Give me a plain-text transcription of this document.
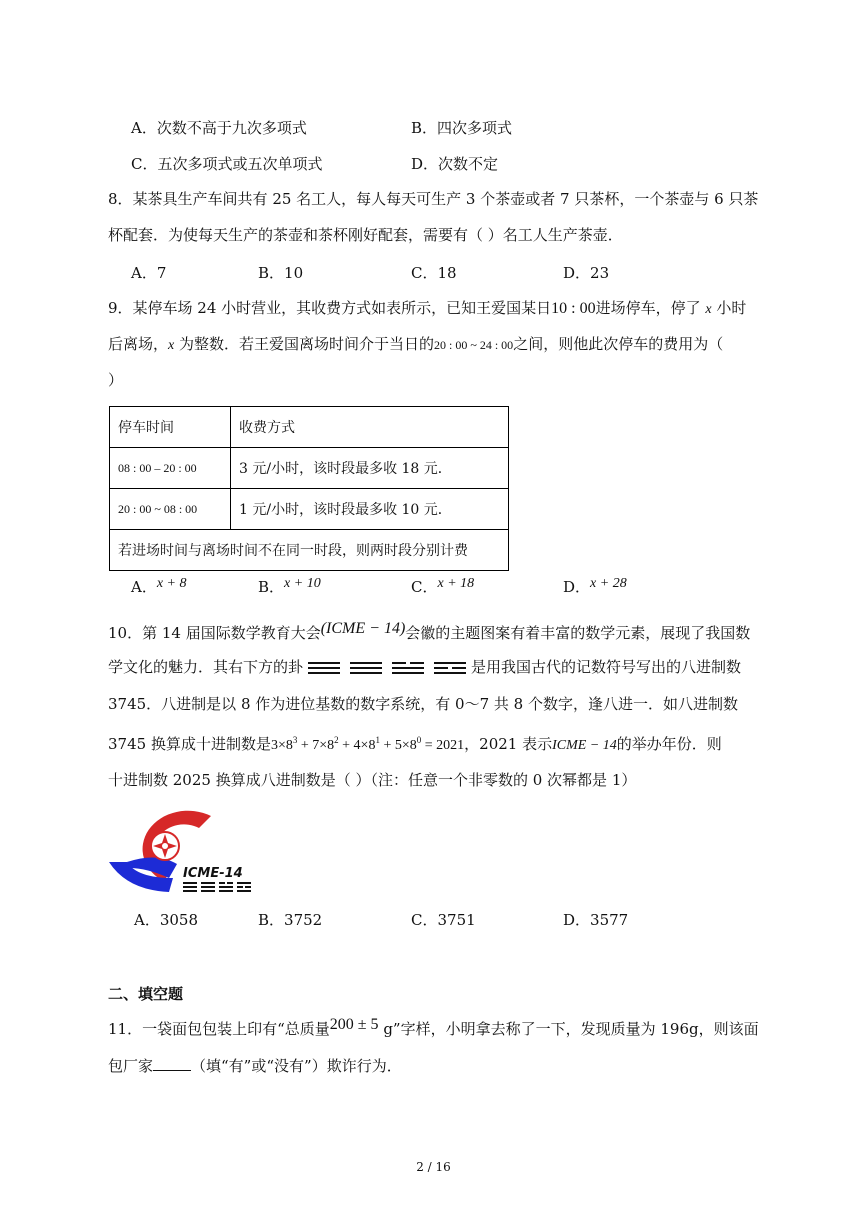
A．次数不高于九次多项式	B．四次多项式
C．五次多项式或五次单项式	D．次数不定
8．某茶具生产车间共有 25 名工人，每人每天可生产 3 个茶壶或者 7 只茶杯，一个茶壶与 6 只茶
杯配套．为使每天生产的茶壶和茶杯刚好配套，需要有（ ）名工人生产茶壶．
A．7	B．10	C．18	D．23
9．某停车场 24 小时营业，其收费方式如表所示，已知王爱国某日10 : 00进场停车，停了 x 小时
后离场，x 为整数．若王爱国离场时间介于当日的20 : 00 ~ 24 : 00之间，则他此次停车的费用为（
）
停车时间	收费方式
08 : 00 – 20 : 00	3 元/小时，该时段最多收 18 元．
20 : 00 ~ 08 : 00	1 元/小时，该时段最多收 10 元．
若进场时间与离场时间不在同一时段，则两时段分别计费	
A．x + 8	B．x + 10	C．x + 18	D．x + 28
10．第 14 届国际数学教育大会(ICME − 14)会徽的主题图案有着丰富的数学元素，展现了我国数
学文化的魅力．其右下方的卦	是用我国古代的记数符号写出的八进制数
3745．八进制是以 8 作为进位基数的数字系统，有 0～7 共 8 个数字，逢八进一．如八进制数
3745 换算成十进制数是$3\times 8^3 + 7\times 8^2 + 4\times 8^1 + 5\times 8^0 = 2021$，2021 表示ICME − 14的举办年份．则
十进制数 2025 换算成八进制数是（ ）（注：任意一个非零数的 0 次幂都是 1）
ICME-14
A．3058	B．3752	C．3751	D．3577
二、填空题
11．一袋面包包装上印有“总质量200 ± 5 g”字样，小明拿去称了一下，发现质量为 196g，则该面
包厂家	（填“有”或“没有”）欺诈行为．
2 / 16
